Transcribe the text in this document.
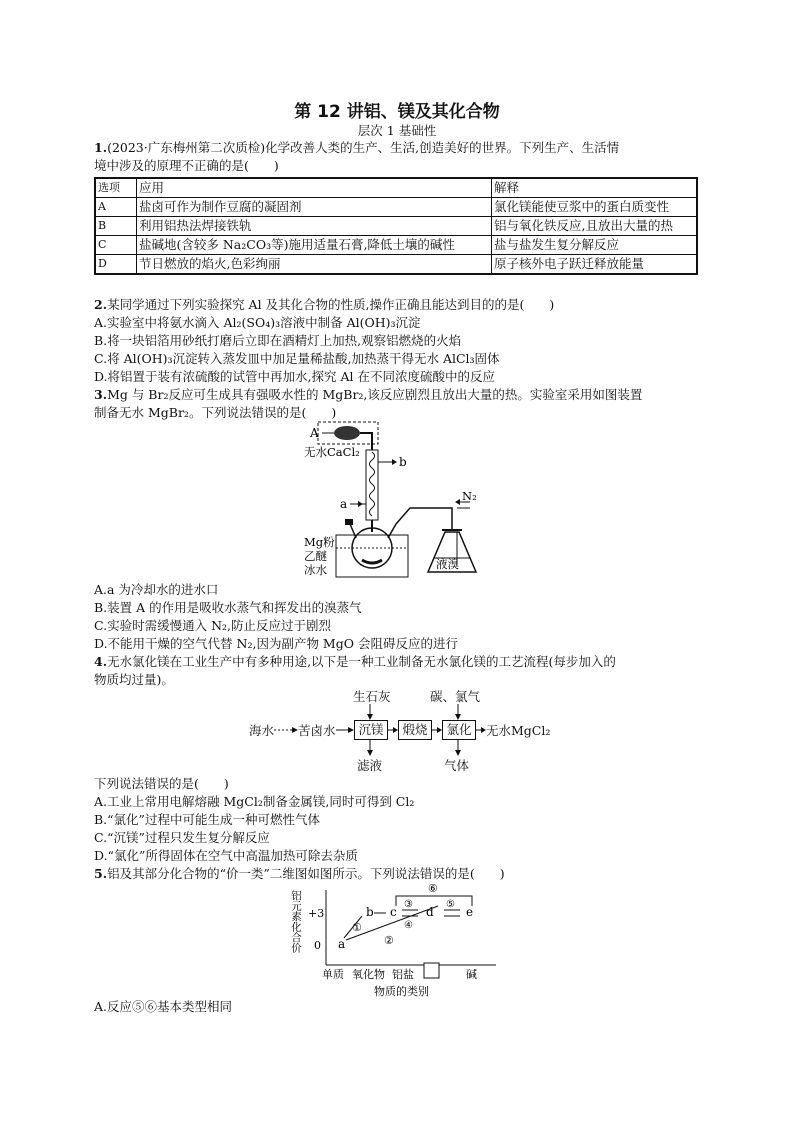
第 12 讲铝、镁及其化合物
层次 1 基础性
1.(2023·广东梅州第二次质检)化学改善人类的生产、生活,创造美好的世界。下列生产、生活情
境中涉及的原理不正确的是(　　)
选项	应用	解释
A	盐卤可作为制作豆腐的凝固剂	氯化镁能使豆浆中的蛋白质变性
B	利用铝热法焊接铁轨	铝与氧化铁反应,且放出大量的热
C	盐碱地(含较多 Na₂CO₃等)施用适量石膏,降低土壤的碱性	盐与盐发生复分解反应
D	节日燃放的焰火,色彩绚丽	原子核外电子跃迁释放能量
2.某同学通过下列实验探究 Al 及其化合物的性质,操作正确且能达到目的的是(　　)
A.实验室中将氨水滴入 Al₂(SO₄)₃溶液中制备 Al(OH)₃沉淀
B.将一块铝箔用砂纸打磨后立即在酒精灯上加热,观察铝燃烧的火焰
C.将 Al(OH)₃沉淀转入蒸发皿中加足量稀盐酸,加热蒸干得无水 AlCl₃固体
D.将铝置于装有浓硫酸的试管中再加水,探究 Al 在不同浓度硫酸中的反应
3.Mg 与 Br₂反应可生成具有强吸水性的 MgBr₂,该反应剧烈且放出大量的热。实验室采用如图装置
制备无水 MgBr₂。下列说法错误的是(　　)
A
无水CaCl₂
b
a
Mg粉
乙醚
冰水
N₂
液溴
A.a 为冷却水的进水口
B.装置 A 的作用是吸收水蒸气和挥发出的溴蒸气
C.实验时需缓慢通入 N₂,防止反应过于剧烈
D.不能用干燥的空气代替 N₂,因为副产物 MgO 会阻碍反应的进行
4.无水氯化镁在工业生产中有多种用途,以下是一种工业制备无水氯化镁的工艺流程(每步加入的
物质均过量)。
海水 苦卤水	沉镁	煅烧	氯化	无水MgCl₂
生石灰	碳、氯气
滤液	气体
下列说法错误的是(　　)
A.工业上常用电解熔融 MgCl₂制备金属镁,同时可得到 Cl₂
B.“氯化”过程中可能生成一种可燃性气体
C.“沉镁”过程只发生复分解反应
D.“氯化”所得固体在空气中高温加热可除去杂质
5.铝及其部分化合物的“价一类”二维图如图所示。下列说法错误的是(　　)
铝元素化合价 +3
0
单质 氧化物 铝盐	碱
物质的类别
①
②
③
④
⑤
⑥
a
b c d	e
A.反应⑤⑥基本类型相同
